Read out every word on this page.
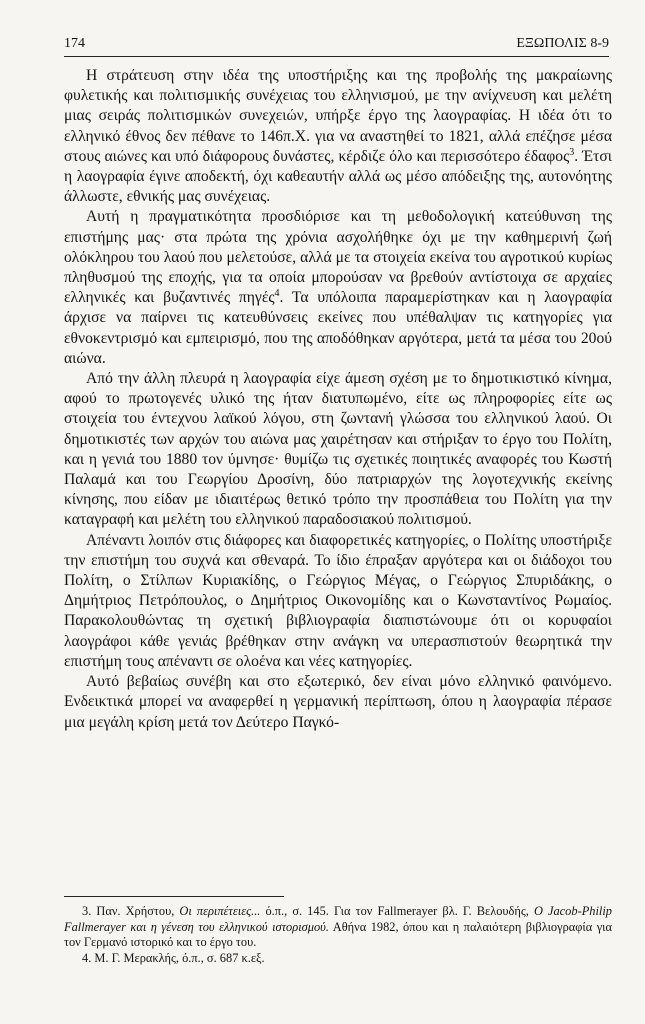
174	ΕΞΩΠΟΛΙΣ 8-9

Η στράτευση στην ιδέα της υποστήριξης και της προβολής της μακραίωνης φυλετικής και πολιτισμικής συνέχειας του ελληνισμού, με την ανίχνευση και μελέτη μιας σειράς πολιτισμικών συνεχειών, υπήρξε έργο της λαογραφίας. Η ιδέα ότι το ελληνικό έθνος δεν πέθανε το 146π.Χ. για να αναστηθεί το 1821, αλλά επέζησε μέσα στους αιώνες και υπό διάφορους δυνάστες, κέρδιζε όλο και περισσότερο έδαφος$^3$. Έτσι η λαογραφία έγινε αποδεκτή, όχι καθεαυτήν αλλά ως μέσο απόδειξης της, αυτονόητης άλλωστε, εθνικής μας συνέχειας.

Αυτή η πραγματικότητα προσδιόρισε και τη μεθοδολογική κατεύθυνση της επιστήμης μας· στα πρώτα της χρόνια ασχολήθηκε όχι με την καθημερινή ζωή ολόκληρου του λαού που μελετούσε, αλλά με τα στοιχεία εκείνα του αγροτικού κυρίως πληθυσμού της εποχής, για τα οποία μπορούσαν να βρεθούν αντίστοιχα σε αρχαίες ελληνικές και βυζαντινές πηγές$^4$. Τα υπόλοιπα παραμερίστηκαν και η λαογραφία άρχισε να παίρνει τις κατευθύνσεις εκείνες που υπέθαλψαν τις κατηγορίες για εθνοκεντρισμό και εμπειρισμό, που της αποδόθηκαν αργότερα, μετά τα μέσα του 20ού αιώνα.

Από την άλλη πλευρά η λαογραφία είχε άμεση σχέση με το δημοτικιστικό κίνημα, αφού το πρωτογενές υλικό της ήταν διατυπωμένο, είτε ως πληροφορίες είτε ως στοιχεία του έντεχνου λαϊκού λόγου, στη ζωντανή γλώσσα του ελληνικού λαού. Οι δημοτικιστές των αρχών του αιώνα μας χαιρέτησαν και στήριξαν το έργο του Πολίτη, και η γενιά του 1880 τον ύμνησε· θυμίζω τις σχετικές ποιητικές αναφορές του Κωστή Παλαμά και του Γεωργίου Δροσίνη, δύο πατριαρχών της λογοτεχνικής εκείνης κίνησης, που είδαν με ιδιαιτέρως θετικό τρόπο την προσπάθεια του Πολίτη για την καταγραφή και μελέτη του ελληνικού παραδοσιακού πολιτισμού.

Απέναντι λοιπόν στις διάφορες και διαφορετικές κατηγορίες, ο Πολίτης υποστήριξε την επιστήμη του συχνά και σθεναρά. Το ίδιο έπραξαν αργότερα και οι διάδοχοι του Πολίτη, ο Στίλπων Κυριακίδης, ο Γεώργιος Μέγας, ο Γεώργιος Σπυριδάκης, ο Δημήτριος Πετρόπουλος, ο Δημήτριος Οικονομίδης και ο Κωνσταντίνος Ρωμαίος. Παρακολουθώντας τη σχετική βιβλιογραφία διαπιστώνουμε ότι οι κορυφαίοι λαογράφοι κάθε γενιάς βρέθηκαν στην ανάγκη να υπερασπιστούν θεωρητικά την επιστήμη τους απέναντι σε ολοένα και νέες κατηγορίες.

Αυτό βεβαίως συνέβη και στο εξωτερικό, δεν είναι μόνο ελληνικό φαινόμενο. Ενδεικτικά μπορεί να αναφερθεί η γερμανική περίπτωση, όπου η λαογραφία πέρασε μια μεγάλη κρίση μετά τον Δεύτερο Παγκό-

3. Παν. Χρήστου, Οι περιπέτειες... ό.π., σ. 145. Για τον Fallmerayer βλ. Γ. Βελουδής, Ο Jacob-Philip Fallmerayer και η γένεση του ελληνικού ιστορισμού. Αθήνα 1982, όπου και η παλαιότερη βιβλιογραφία για τον Γερμανό ιστορικό και το έργο του.

4. Μ. Γ. Μερακλής, ό.π., σ. 687 κ.εξ.
